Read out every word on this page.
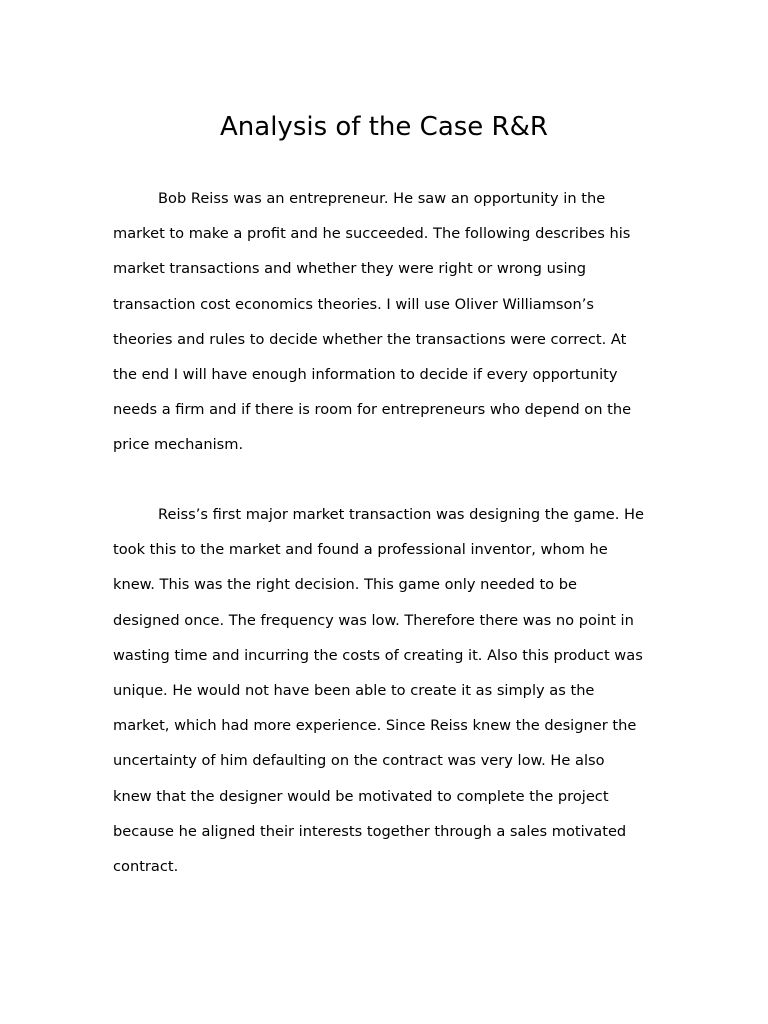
Analysis of the Case R&R
Bob Reiss was an entrepreneur. He saw an opportunity in the
market to make a profit and he succeeded. The following describes his
market transactions and whether they were right or wrong using
transaction cost economics theories. I will use Oliver Williamson’s
theories and rules to decide whether the transactions were correct. At
the end I will have enough information to decide if every opportunity
needs a firm and if there is room for entrepreneurs who depend on the
price mechanism.
Reiss’s first major market transaction was designing the game. He
took this to the market and found a professional inventor, whom he
knew. This was the right decision. This game only needed to be
designed once. The frequency was low. Therefore there was no point in
wasting time and incurring the costs of creating it. Also this product was
unique. He would not have been able to create it as simply as the
market, which had more experience. Since Reiss knew the designer the
uncertainty of him defaulting on the contract was very low. He also
knew that the designer would be motivated to complete the project
because he aligned their interests together through a sales motivated
contract.
